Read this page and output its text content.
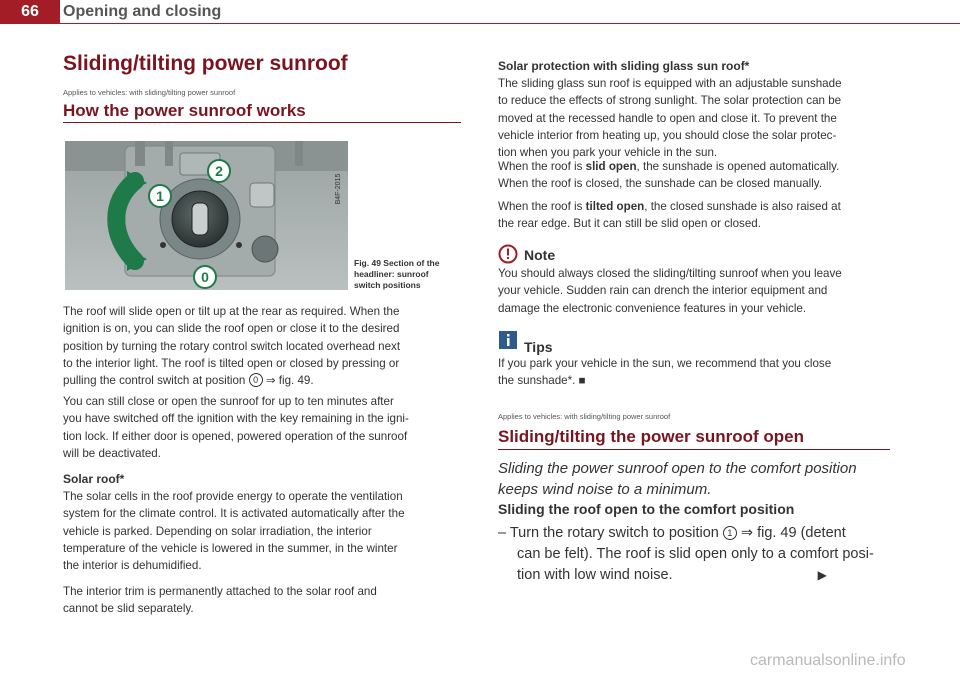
66	Opening and closing
Sliding/tilting power sunroof
Applies to vehicles: with sliding/tilting power sunroof
How the power sunroof works
2
1
0
B4F-2015
Fig. 49 Section of the
headliner: sunroof
switch positions
The roof will slide open or tilt up at the rear as required. When the
ignition is on, you can slide the roof open or close it to the desired
position by turning the rotary control switch located overhead next
to the interior light. The roof is tilted open or closed by pressing or
pulling the control switch at position 0 ⇒ fig. 49.
You can still close or open the sunroof for up to ten minutes after
you have switched off the ignition with the key remaining in the igni-
tion lock. If either door is opened, powered operation of the sunroof
will be deactivated.
Solar roof*
The solar cells in the roof provide energy to operate the ventilation
system for the climate control. It is activated automatically after the
vehicle is parked. Depending on solar irradiation, the interior
temperature of the vehicle is lowered in the summer, in the winter
the interior is dehumidified.
The interior trim is permanently attached to the solar roof and
cannot be slid separately.
Solar protection with sliding glass sun roof*
The sliding glass sun roof is equipped with an adjustable sunshade
to reduce the effects of strong sunlight. The solar protection can be
moved at the recessed handle to open and close it. To prevent the
vehicle interior from heating up, you should close the solar protec-
tion when you park your vehicle in the sun.
When the roof is slid open, the sunshade is opened automatically.
When the roof is closed, the sunshade can be closed manually.
When the roof is tilted open, the closed sunshade is also raised at
the rear edge. But it can still be slid open or closed.
Note
You should always closed the sliding/tilting sunroof when you leave
your vehicle. Sudden rain can drench the interior equipment and
damage the electronic convenience features in your vehicle.
Tips
If you park your vehicle in the sun, we recommend that you close
the sunshade*. ■
Applies to vehicles: with sliding/tilting power sunroof
Sliding/tilting the power sunroof open
Sliding the power sunroof open to the comfort position
keeps wind noise to a minimum.
Sliding the roof open to the comfort position
– Turn the rotary switch to position 1 ⇒ fig. 49 (detent
can be felt). The roof is slid open only to a comfort posi-
tion with low wind noise.	▶
carmanualsonline.info
